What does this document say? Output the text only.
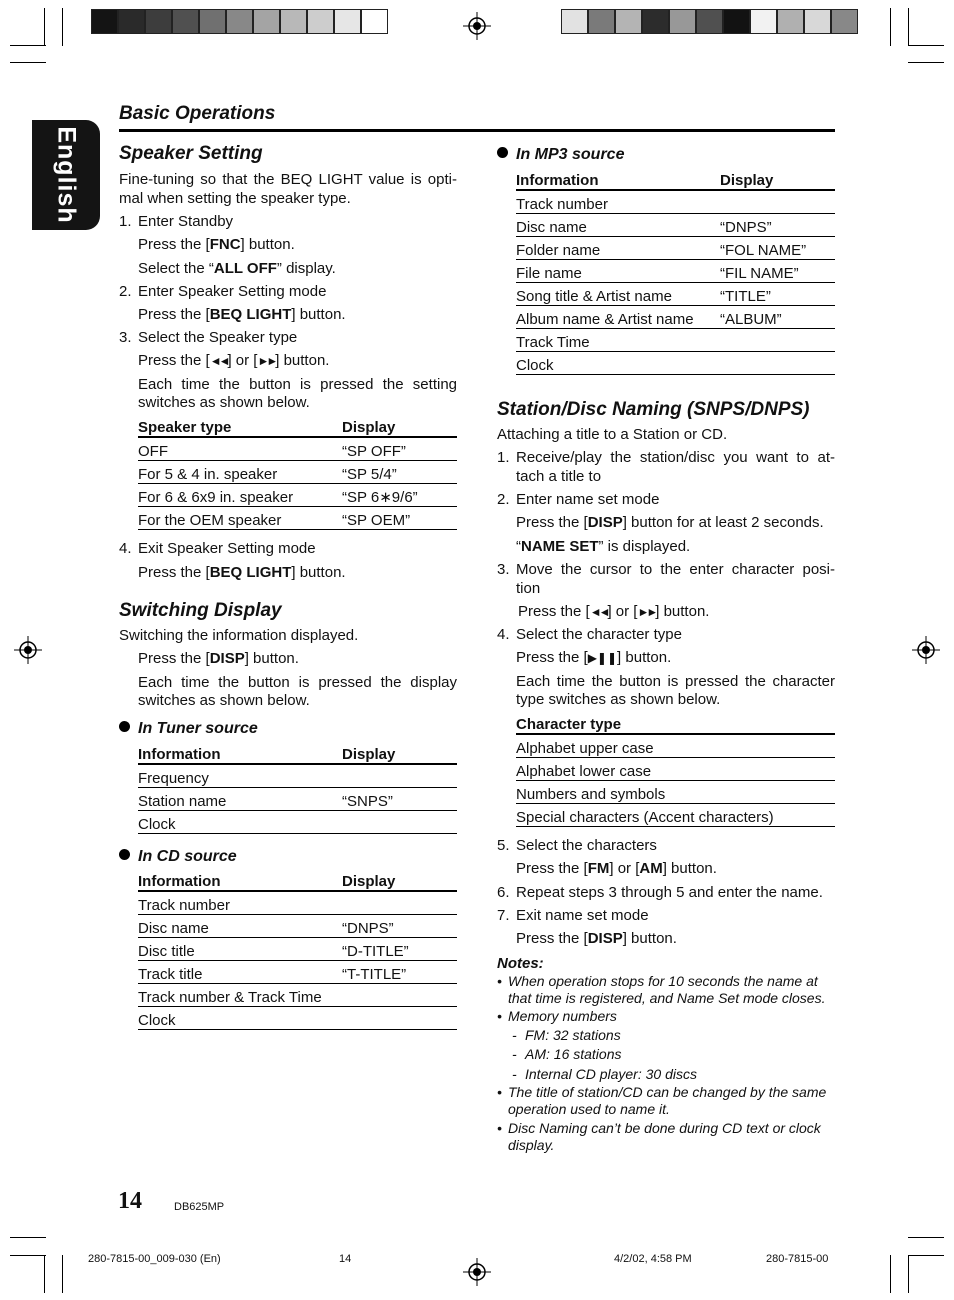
English
Basic Operations
Speaker Setting
Fine-tuning so that the BEQ LIGHT value is opti-
mal when setting the speaker type.
1. Enter Standby
Press the [FNC] button.
Select the “ALL OFF” display.
2. Enter Speaker Setting mode
Press the [BEQ LIGHT] button.
3. Select the Speaker type
Press the [◄◄] or [►►] button.
Each time the button is pressed the setting
switches as shown below.
Speaker type	Display
OFF	“SP OFF”
For 5 & 4 in. speaker	“SP 5/4”
For 6 & 6x9 in. speaker	“SP 6∗9/6”
For the OEM speaker	“SP OEM”
4. Exit Speaker Setting mode
Press the [BEQ LIGHT] button.
Switching Display
Switching the information displayed.
Press the [DISP] button.
Each time the button is pressed the display
switches as shown below.
In Tuner source
Information	Display
Frequency	
Station name	“SNPS”
Clock	
In CD source
Information	Display
Track number	
Disc name	“DNPS”
Disc title	“D-TITLE”
Track title	“T-TITLE”
Track number & Track Time	
Clock	
In MP3 source
Information	Display
Track number	
Disc name	“DNPS”
Folder name	“FOL NAME”
File name	“FIL NAME”
Song title & Artist name	“TITLE”
Album name & Artist name	“ALBUM”
Track Time	
Clock	
Station/Disc Naming (SNPS/DNPS)
Attaching a title to a Station or CD.
1. Receive/play the station/disc you want to at-
tach a title to
2. Enter name set mode
Press the [DISP] button for at least 2 seconds.
“NAME SET” is displayed.
3. Move the cursor to the enter character posi-
tion
Press the [◄◄] or [►►] button.
4. Select the character type
Press the [▶❚❚] button.
Each time the button is pressed the character
type switches as shown below.
Character type
Alphabet upper case
Alphabet lower case
Numbers and symbols
Special characters (Accent characters)
5. Select the characters
Press the [FM] or [AM] button.
6. Repeat steps 3 through 5 and enter the name.
7. Exit name set mode
Press the [DISP] button.
Notes:
• When operation stops for 10 seconds the name at
that time is registered, and Name Set mode closes.
• Memory numbers
- FM: 32 stations
- AM: 16 stations
- Internal CD player: 30 discs
• The title of station/CD can be changed by the same
operation used to name it.
• Disc Naming can’t be done during CD text or clock
display.
14	DB625MP
280-7815-00_009-030 (En)	14	4/2/02, 4:58 PM	280-7815-00
